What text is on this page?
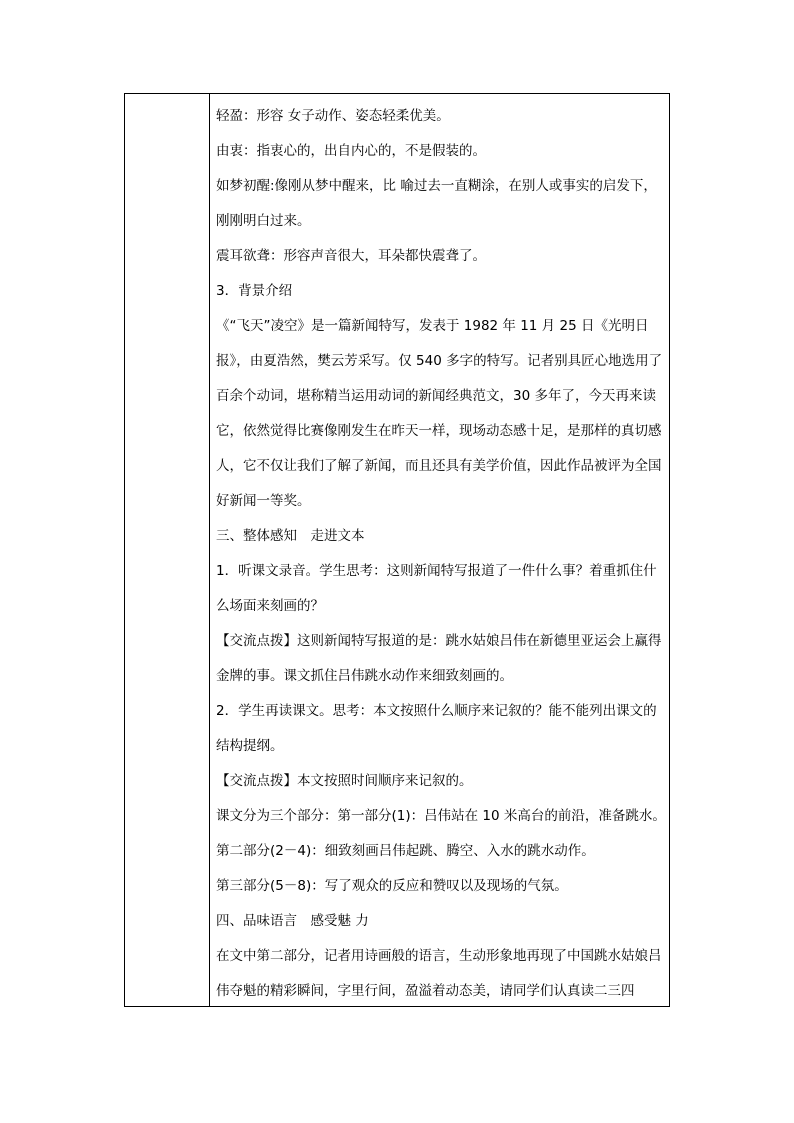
轻盈：形容 女子动作、姿态轻柔优美。

由衷：指衷心的，出自内心的，不是假装的。

如梦初醒:像刚从梦中醒来，比 喻过去一直糊涂，在别人或事实的启发下，刚刚明白过来。

震耳欲聋：形容声音很大，耳朵都快震聋了。

3．背景介绍

《“飞天”凌空》是一篇新闻特写，发表于 1982 年 11 月 25 日《光明日报》，由夏浩然，樊云芳采写。仅 540 多字的特写。记者别具匠心地选用了百余个动词，堪称精当运用动词的新闻经典范文，30 多年了，今天再来读它，依然觉得比赛像刚发生在昨天一样，现场动态感十足，是那样的真切感人，它不仅让我们了解了新闻，而且还具有美学价值，因此作品被评为全国好新闻一等奖。

三、整体感知　走进文本

1．听课文录音。学生思考：这则新闻特写报道了一件什么事？着重抓住什么场面来刻画的？

【交流点拨】这则新闻特写报道的是：跳水姑娘吕伟在新德里亚运会上赢得金牌的事。课文抓住吕伟跳水动作来细致刻画的。

2．学生再读课文。思考：本文按照什么顺序来记叙的？能不能列出课文的结构提纲。

【交流点拨】本文按照时间顺序来记叙的。

课文分为三个部分：第一部分(1)：吕伟站在 10 米高台的前沿，准备跳水。

第二部分(2－4)：细致刻画吕伟起跳、腾空、入水的跳水动作。

第三部分(5－8)：写了观众的反应和赞叹以及现场的气氛。

四、品味语言　感受魅 力

在文中第二部分，记者用诗画般的语言，生动形象地再现了中国跳水姑娘吕伟夺魁的精彩瞬间，字里行间，盈溢着动态美，请同学们认真读二三四
